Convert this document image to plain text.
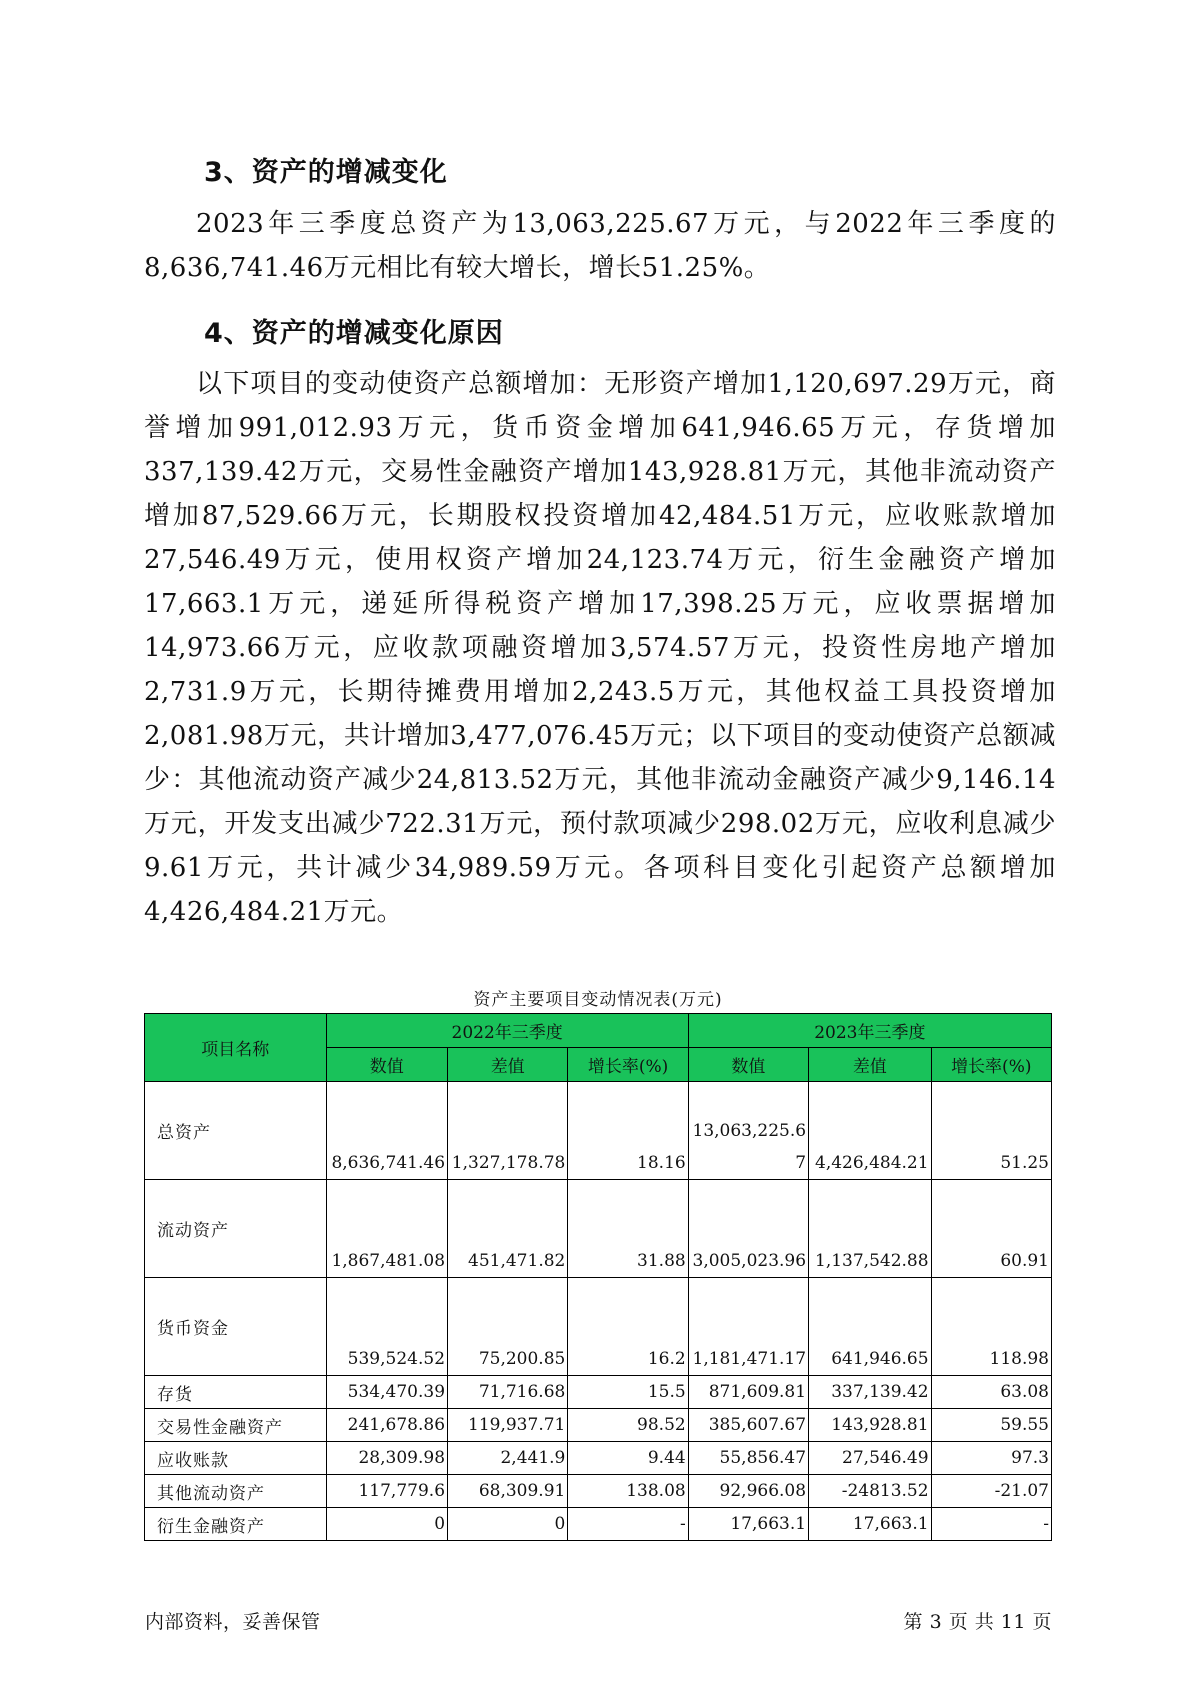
3、资产的增减变化

2023年三季度总资产为13,063,225.67万元，与2022年三季度的8,636,741.46万元相比有较大增长，增长51.25%。

4、资产的增减变化原因

以下项目的变动使资产总额增加：无形资产增加1,120,697.29万元，商誉增加991,012.93万元，货币资金增加641,946.65万元，存货增加337,139.42万元，交易性金融资产增加143,928.81万元，其他非流动资产增加87,529.66万元，长期股权投资增加42,484.51万元，应收账款增加27,546.49万元，使用权资产增加24,123.74万元，衍生金融资产增加17,663.1万元，递延所得税资产增加17,398.25万元，应收票据增加14,973.66万元，应收款项融资增加3,574.57万元，投资性房地产增加2,731.9万元，长期待摊费用增加2,243.5万元，其他权益工具投资增加2,081.98万元，共计增加3,477,076.45万元；以下项目的变动使资产总额减少：其他流动资产减少24,813.52万元，其他非流动金融资产减少9,146.14万元，开发支出减少722.31万元，预付款项减少298.02万元，应收利息减少9.61万元，共计减少34,989.59万元。各项科目变化引起资产总额增加4,426,484.21万元。

资产主要项目变动情况表(万元)
项目名称	2022年三季度			2023年三季度		
	数值	差值	增长率(%)	数值	差值	增长率(%)
总资产	8,636,741.46	1,327,178.78	18.16	13,063,225.67	4,426,484.21	51.25
流动资产	1,867,481.08	451,471.82	31.88	3,005,023.96	1,137,542.88	60.91
货币资金	539,524.52	75,200.85	16.2	1,181,471.17	641,946.65	118.98
存货	534,470.39	71,716.68	15.5	871,609.81	337,139.42	63.08
交易性金融资产	241,678.86	119,937.71	98.52	385,607.67	143,928.81	59.55
应收账款	28,309.98	2,441.9	9.44	55,856.47	27,546.49	97.3
其他流动资产	117,779.6	68,309.91	138.08	92,966.08	-24813.52	-21.07
衍生金融资产	0	0	-	17,663.1	17,663.1	-
内部资料，妥善保管	第 3 页 共 11 页
